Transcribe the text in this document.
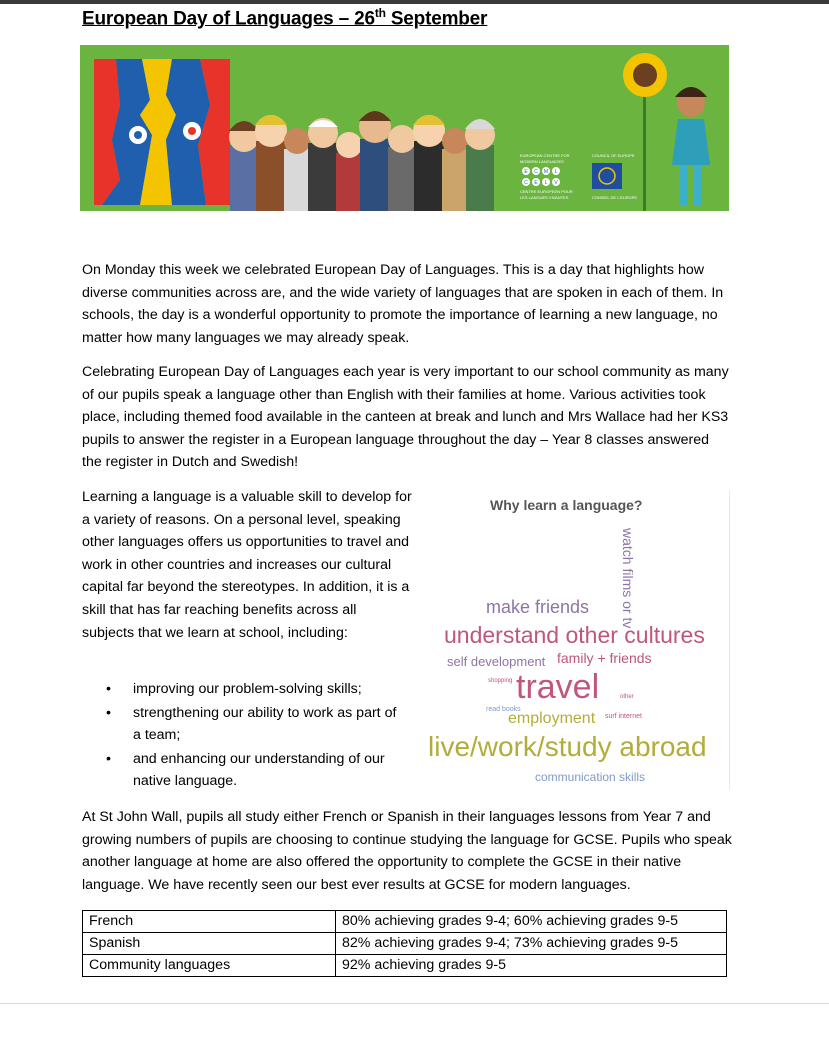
European Day of Languages – 26th September
EUROPEAN CENTRE FOR
MODERN LANGUAGES
E C M L
C E L V
CENTRE EUROPEEN POUR
LES LANGUES VIVANTES
COUNCIL OF EUROPE
CONSEIL DE L'EUROPE

On Monday this week we celebrated European Day of Languages. This is a day that highlights how diverse communities across are, and the wide variety of languages that are spoken in each of them. In schools, the day is a wonderful opportunity to promote the importance of learning a new language, no matter how many languages we may already speak.

Celebrating European Day of Languages each year is very important to our school community as many of our pupils speak a language other than English with their families at home. Various activities took place, including themed food available in the canteen at break and lunch and Mrs Wallace had her KS3 pupils to answer the register in a European language throughout the day – Year 8 classes answered the register in Dutch and Swedish!

Learning a language is a valuable skill to develop for a variety of reasons. On a personal level, speaking other languages offers us opportunities to travel and work in other countries and increases our cultural capital far beyond the stereotypes. In addition, it is a skill that has far reaching benefits across all subjects that we learn at school, including:

• improving our problem-solving skills;
• strengthening our ability to work as part of a team;
• and enhancing our understanding of our native language.
Why learn a language?
watch films or tv
make friends
understand other cultures
self development family + friends
shopping travel	other
read books
employment surf internet
live/work/study abroad
communication skills

At St John Wall, pupils all study either French or Spanish in their languages lessons from Year 7 and growing numbers of pupils are choosing to continue studying the language for GCSE. Pupils who speak another language at home are also offered the opportunity to complete the GCSE in their native language. We have recently seen our best ever results at GCSE for modern languages.

French	80% achieving grades 9-4; 60% achieving grades 9-5
Spanish	82% achieving grades 9-4; 73% achieving grades 9-5
Community languages	92% achieving grades 9-5
